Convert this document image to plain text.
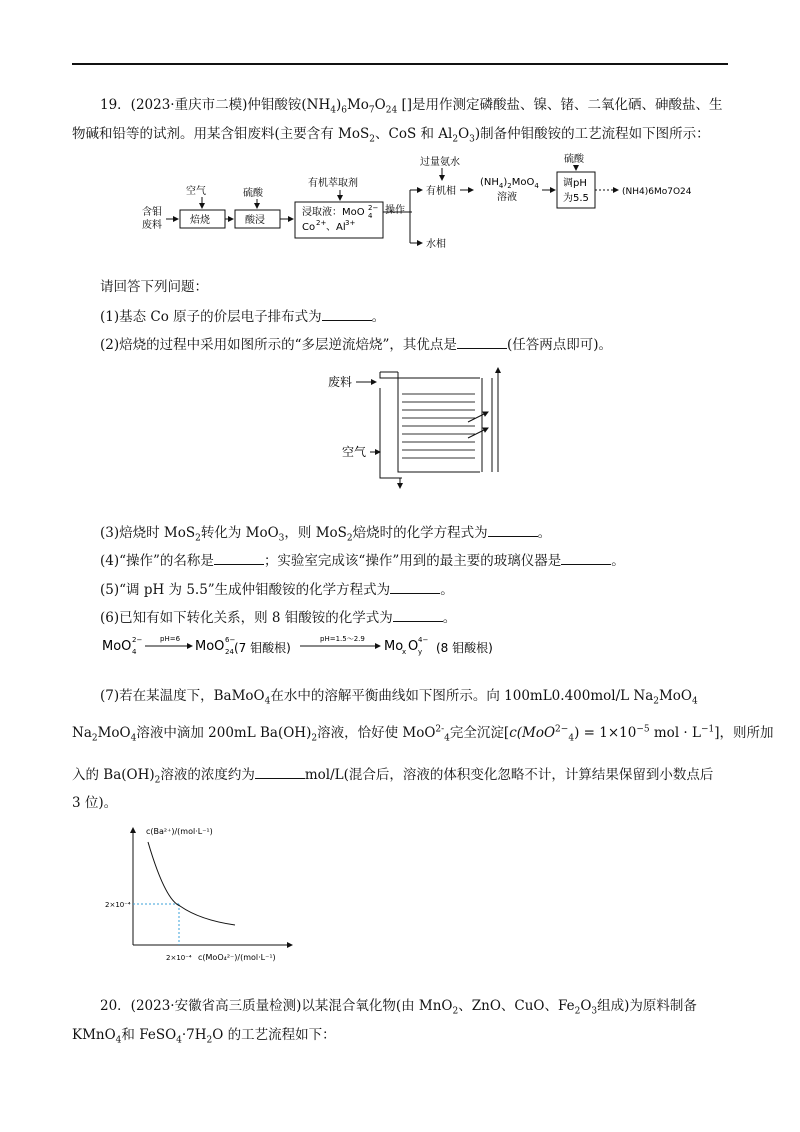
19．(2023·重庆市二模)仲钼酸铵$(NH_4)_6Mo_7O_{24}$ []是用作测定磷酸盐、镍、锗、二氧化硒、砷酸盐、生
物碱和铅等的试剂。用某含钼废料(主要含有 MoS$_2$、CoS 和 $Al_2O_3$)制备仲钼酸铵的工艺流程如下图所示：
含钼
废料	焙烧
空气
酸浸
硫酸
浸取液：MoO 2−
4
Co 2+ 、Al 3+
有机萃取剂
操作
有机相
水相
过量氨水
$(NH_4)_2MoO_4$
溶液
调pH
为5.5
硫酸
(NH4)6Mo7O24
请回答下列问题：
(1)基态 Co 原子的价层电子排布式为	。
(2)焙烧的过程中采用如图所示的“多层逆流焙烧”，其优点是	(任答两点即可)。
废料
空气
(3)焙烧时 MoS$_2$转化为 MoO$_3$，则 MoS$_2$焙烧时的化学方程式为	。
(4)“操作”的名称是	；实验室完成该“操作”用到的最主要的玻璃仪器是	。
(5)“调 pH 为 5.5”生成仲钼酸铵的化学方程式为	。
(6)已知有如下转化关系，则 8 钼酸铵的化学式为	。
MoO 2−
4
pH=6 MoO 6−
24 (7 钼酸根)
pH=1.5～2.9 Mo
x O 4−
y (8 钼酸根)
(7)若在某温度下，BaMoO$_4$在水中的溶解平衡曲线如下图所示。向 100mL0.400mol/L $Na_2MoO_4$
$Na_2MoO_4$溶液中滴加 200mL $Ba(OH)_2$溶液，恰好使 MoO$^{2-}_4$完全沉淀[$c(MoO^{2-}_4) = 1\times 10^{-5}$ mol · $L^{-1}$]，则所加
入的 $Ba(OH)_2$溶液的浓度约为	mol/L(混合后，溶液的体积变化忽略不计，计算结果保留到小数点后
3 位)。
c(Ba²⁺)/(mol·L⁻¹)
c(MoO₄²⁻)/(mol·L⁻¹)
2×10⁻⁴
2×10⁻⁴
20．(2023·安徽省高三质量检测)以某混合氧化物(由 MnO$_2$、ZnO、CuO、$Fe_2O_3$组成)为原料制备
KMnO$_4$和 $FeSO_4\cdot 7H_2O$ 的工艺流程如下：
